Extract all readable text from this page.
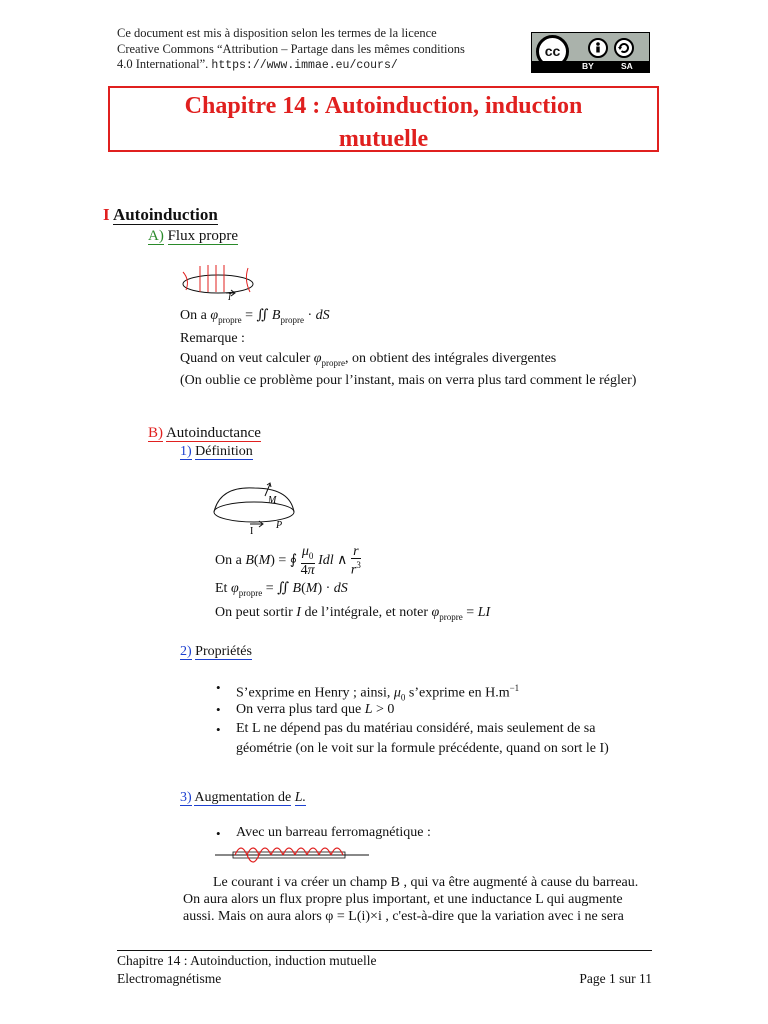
Ce document est mis à disposition selon les termes de la licence
Creative Commons “Attribution – Partage dans les mêmes conditions
4.0 International”. https://www.immae.eu/cours/
cc
BY	SA
Chapitre 14 : Autoinduction, induction
mutuelle
I Autoinduction
A) Flux propre
I
On a $\varphi_{propre}$ = ∬ $B_{propre}$ · dS
Remarque :
Quand on veut calculer $\varphi_{propre}$, on obtient des intégrales divergentes
(On oublie ce problème pour l’instant, mais on verra plus tard comment le régler)
B) Autoinductance
1) Définition
M
I
P
On a B(M) = ∮ $\frac{\mu_0}{4\pi}$ Idl ∧ $\frac{r}{r^3}$
Et $\varphi_{propre}$ = ∬ B(M) · dS
On peut sortir I de l’intégrale, et noter $\varphi_{propre}$ = LI
2) Propriétés
• S’exprime en Henry ; ainsi, $\mu_0$ s’exprime en $H.m^{-1}$
• On verra plus tard que L > 0
• Et L ne dépend pas du matériau considéré, mais seulement de sa
géométrie (on le voit sur la formule précédente, quand on sort le I)
3) Augmentation de L.
• Avec un barreau ferromagnétique :
Le courant i va créer un champ B , qui va être augmenté à cause du barreau.
On aura alors un flux propre plus important, et une inductance L qui augmente
aussi. Mais on aura alors φ = L(i)×i , c'est-à-dire que la variation avec i ne sera
Chapitre 14 : Autoinduction, induction mutuelle
Electromagnétisme	Page 1 sur 11
